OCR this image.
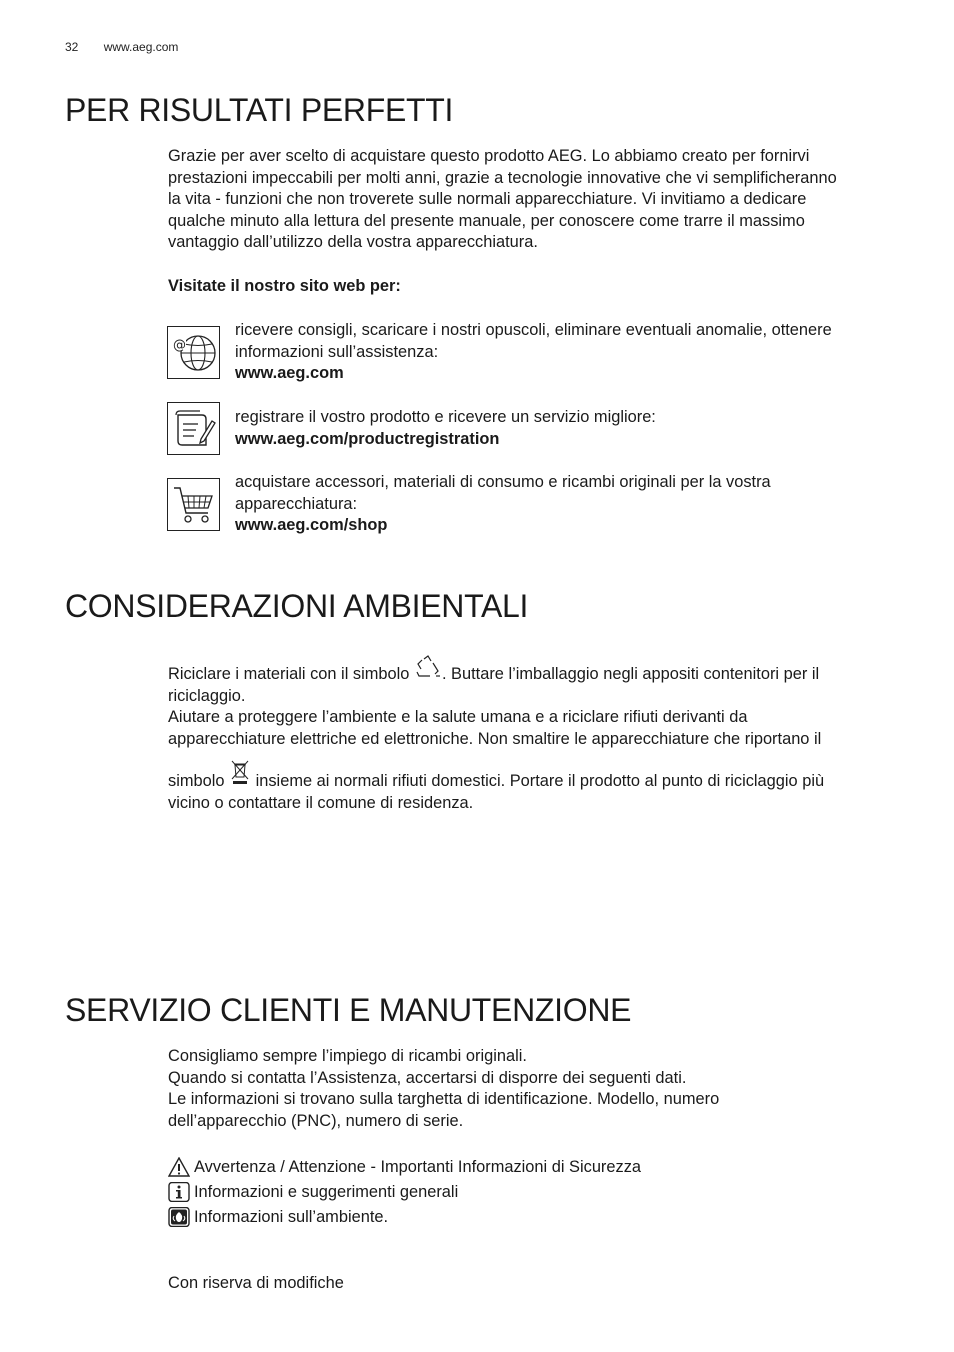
32 www.aeg.com
PER RISULTATI PERFETTI
Grazie per aver scelto di acquistare questo prodotto AEG. Lo abbiamo creato per fornirvi
prestazioni impeccabili per molti anni, grazie a tecnologie innovative che vi semplificheranno
la vita - funzioni che non troverete sulle normali apparecchiature. Vi invitiamo a dedicare
qualche minuto alla lettura del presente manuale, per conoscere come trarre il massimo
vantaggio dall’utilizzo della vostra apparecchiatura.
Visitate il nostro sito web per:
@
ricevere consigli, scaricare i nostri opuscoli, eliminare eventuali anomalie, ottenere
informazioni sull’assistenza:
www.aeg.com
registrare il vostro prodotto e ricevere un servizio migliore:
www.aeg.com/productregistration
acquistare accessori, materiali di consumo e ricambi originali per la vostra
apparecchiatura:
www.aeg.com/shop
CONSIDERAZIONI AMBIENTALI
Riciclare i materiali con il simbolo . Buttare l’imballaggio negli appositi contenitori per il
riciclaggio.
Aiutare a proteggere l’ambiente e la salute umana e a riciclare rifiuti derivanti da
apparecchiature elettriche ed elettroniche. Non smaltire le apparecchiature che riportano il
simbolo insieme ai normali rifiuti domestici. Portare il prodotto al punto di riciclaggio più
vicino o contattare il comune di residenza.
SERVIZIO CLIENTI E MANUTENZIONE
Consigliamo sempre l’impiego di ricambi originali.
Quando si contatta l’Assistenza, accertarsi di disporre dei seguenti dati.
Le informazioni si trovano sulla targhetta di identificazione. Modello, numero
dell’apparecchio (PNC), numero di serie.
Avvertenza / Attenzione - Importanti Informazioni di Sicurezza
Informazioni e suggerimenti generali
Informazioni sull’ambiente.
Con riserva di modifiche
